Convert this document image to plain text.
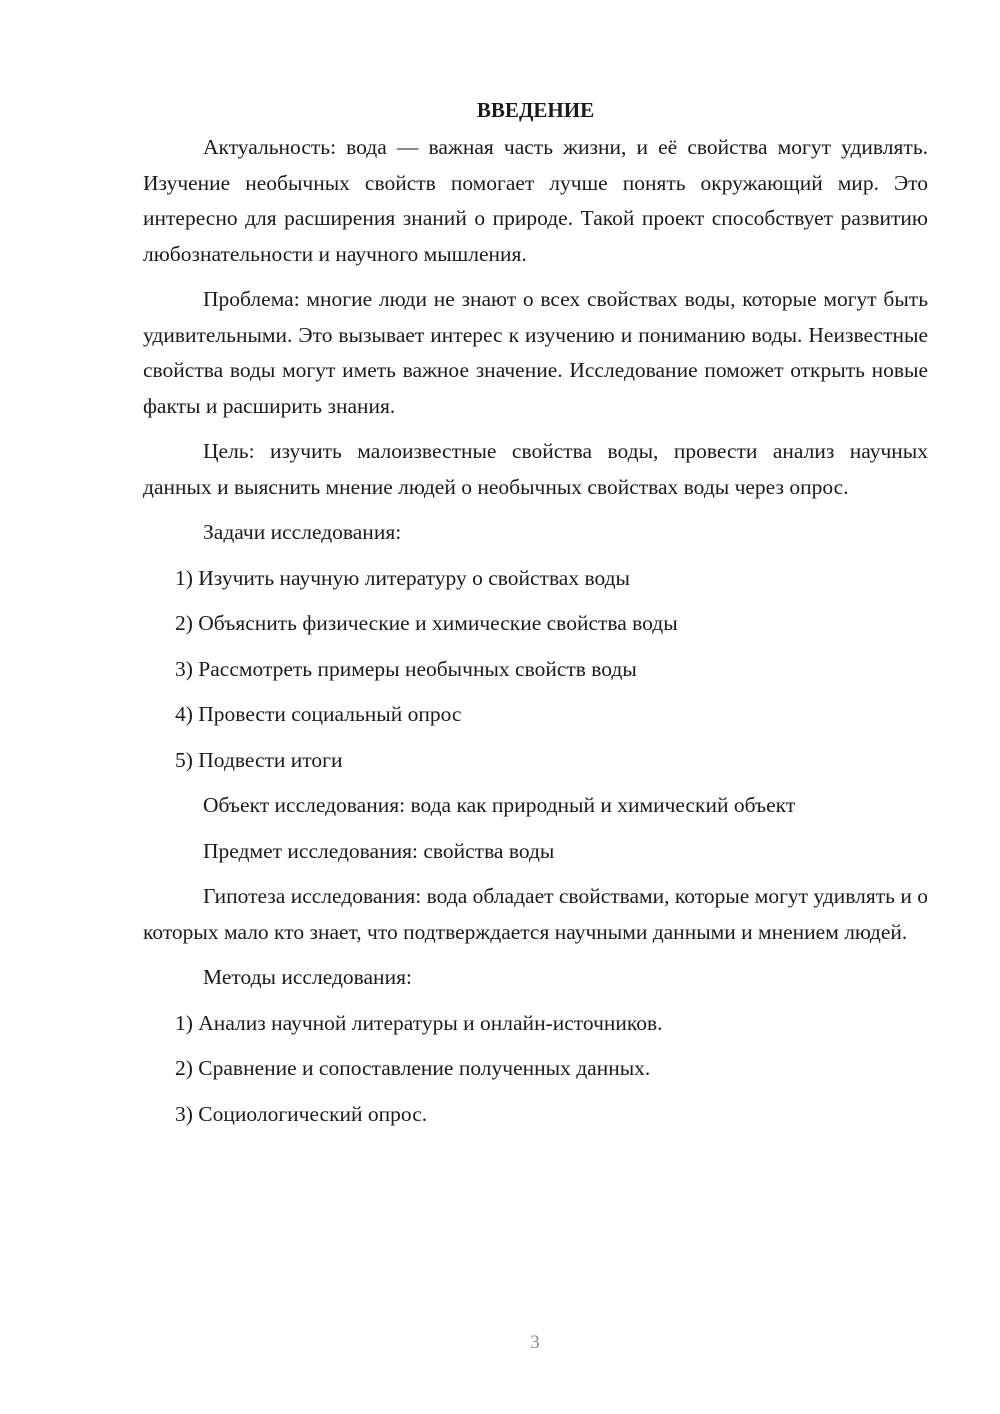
ВВЕДЕНИЕ

Актуальность: вода — важная часть жизни, и её свойства могут удивлять. Изучение необычных свойств помогает лучше понять окружающий мир. Это интересно для расширения знаний о природе. Такой проект способствует развитию любознательности и научного мышления.

Проблема: многие люди не знают о всех свойствах воды, которые могут быть удивительными. Это вызывает интерес к изучению и пониманию воды. Неизвестные свойства воды могут иметь важное значение. Исследование поможет открыть новые факты и расширить знания.

Цель: изучить малоизвестные свойства воды, провести анализ научных данных и выяснить мнение людей о необычных свойствах воды через опрос.

Задачи исследования:
1) Изучить научную литературу о свойствах воды
2) Объяснить физические и химические свойства воды
3) Рассмотреть примеры необычных свойств воды
4) Провести социальный опрос
5) Подвести итоги
Объект исследования: вода как природный и химический объект
Предмет исследования: свойства воды

Гипотеза исследования: вода обладает свойствами, которые могут удивлять и о которых мало кто знает, что подтверждается научными данными и мнением людей.

Методы исследования:
1) Анализ научной литературы и онлайн-источников.
2) Сравнение и сопоставление полученных данных.
3) Социологический опрос.
3
